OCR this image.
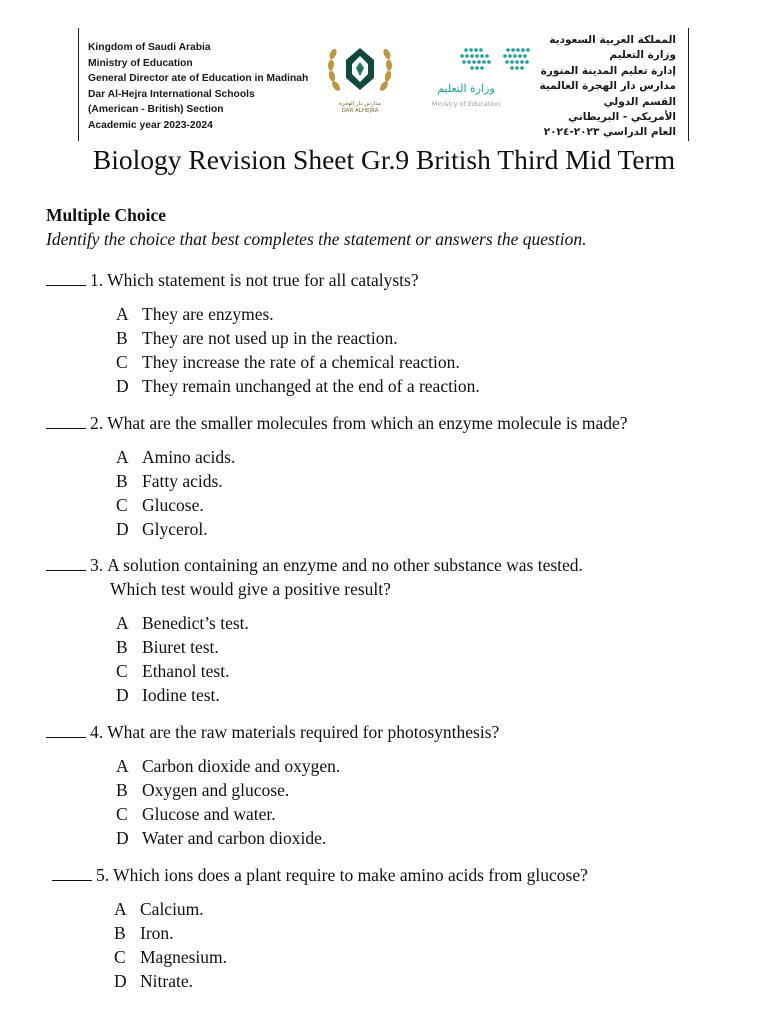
Kingdom of Saudi Arabia
Ministry of Education
General Director ate of Education in Madinah
Dar Al-Hejra International Schools
(American - British) Section
Academic year 2023-2024
مدارس دار الهجرة
DAR ALHEJRA
وزارة التعليم
Ministry of Education
المملكة العربية السعودية
وزارة التعليم
إدارة تعليم المدينة المنورة
مدارس دار الهجرة العالمية
القسم الدولي
الأمريكي - البريطاني
العام الدراسي ٢٠٢٣-٢٠٢٤
Biology Revision Sheet Gr.9 British Third Mid Term
Multiple Choice
Identify the choice that best completes the statement or answers the question.
1. Which statement is not true for all catalysts?
A They are enzymes.
B They are not used up in the reaction.
C They increase the rate of a chemical reaction.
D They remain unchanged at the end of a reaction.
2. What are the smaller molecules from which an enzyme molecule is made?
A Amino acids.
B Fatty acids.
C Glucose.
D Glycerol.
3. A solution containing an enzyme and no other substance was tested.
Which test would give a positive result?
A Benedict’s test.
B Biuret test.
C Ethanol test.
D Iodine test.
4. What are the raw materials required for photosynthesis?
A Carbon dioxide and oxygen.
B Oxygen and glucose.
C Glucose and water.
D Water and carbon dioxide.
5. Which ions does a plant require to make amino acids from glucose?
A Calcium.
B Iron.
C Magnesium.
D Nitrate.
